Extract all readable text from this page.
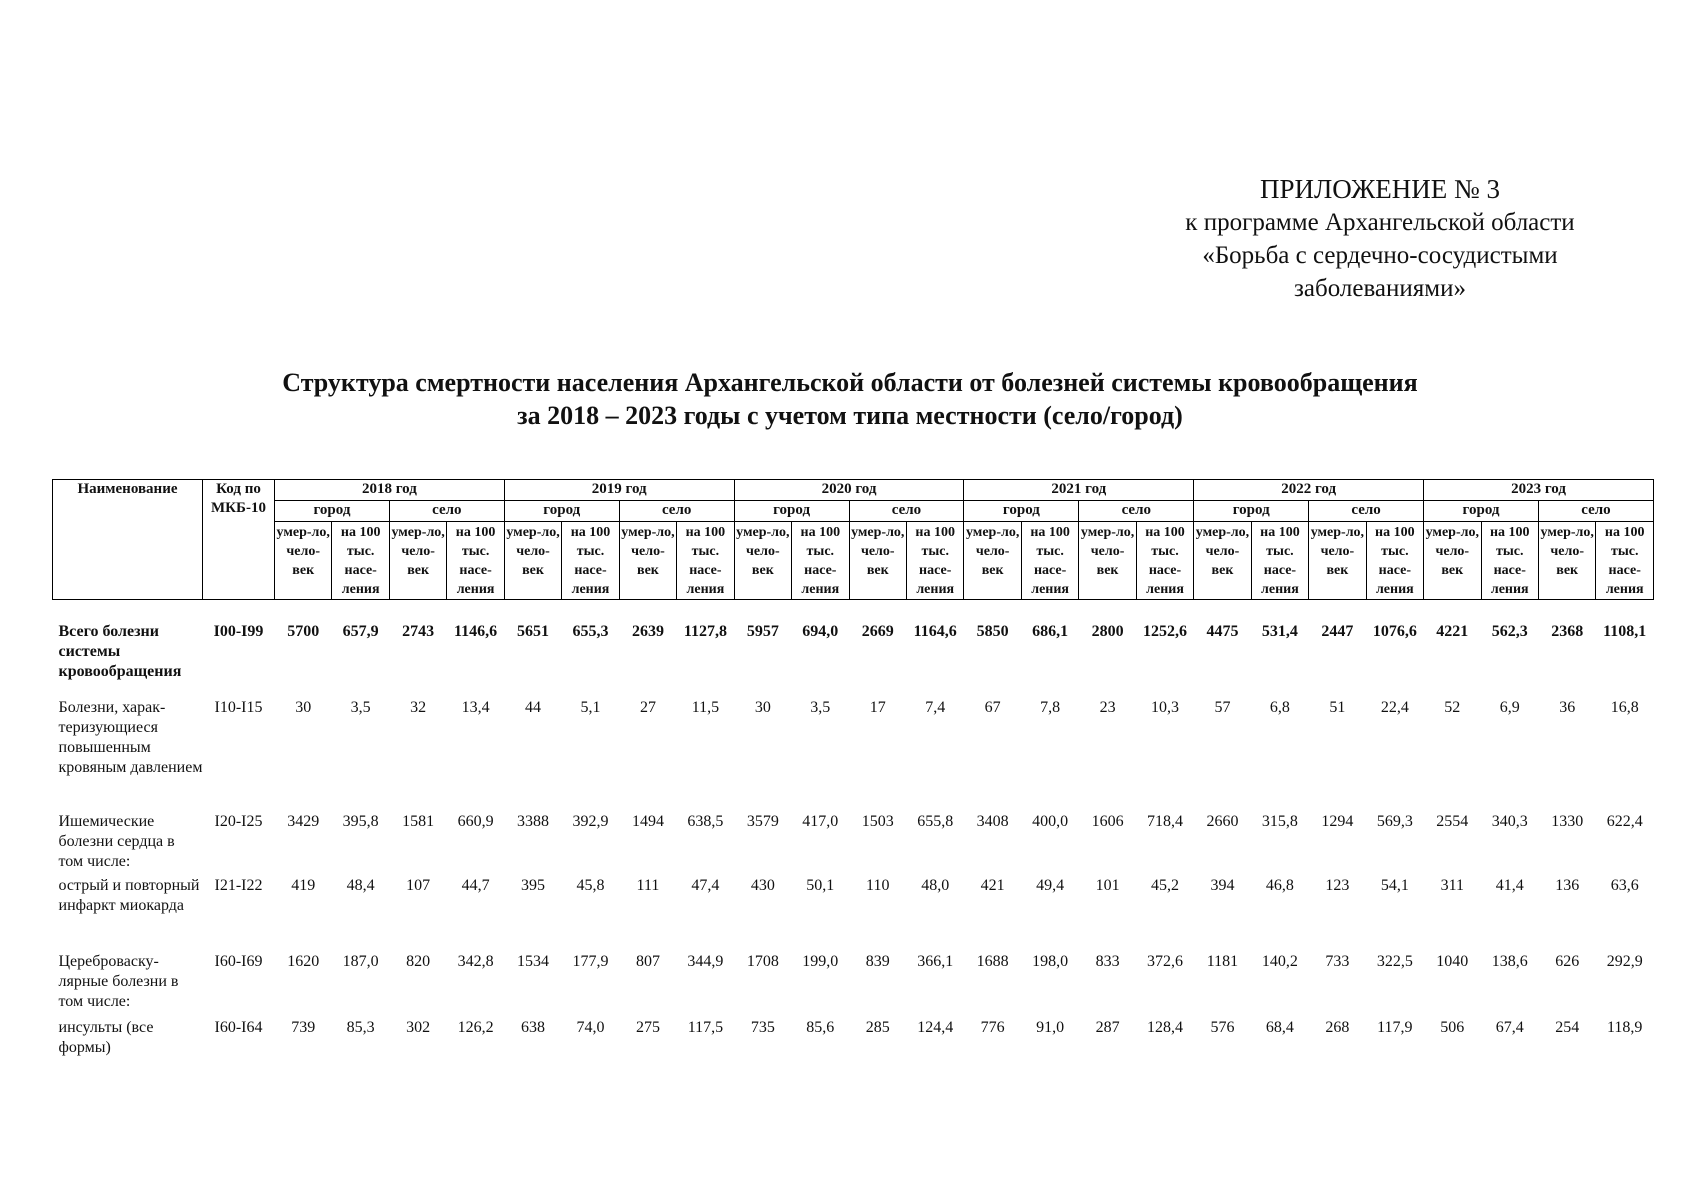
ПРИЛОЖЕНИЕ № 3
к программе Архангельской области
«Борьба с сердечно-сосудистыми
заболеваниями»
Структура смертности населения Архангельской области от болезней системы кровообращения
за 2018 – 2023 годы с учетом типа местности (село/город)
Наименование	Код по МКБ-10	2018 год				2019 год				2020 год				2021 год				2022 год				2023 год			
		город		село		город		село		город		село		город		село		город		село		город		село	
		умер-ло, чело-век	на 100 тыс. насе-ления	умер-ло, чело-век	на 100 тыс. насе-ления	умер-ло, чело-век	на 100 тыс. насе-ления	умер-ло, чело-век	на 100 тыс. насе-ления	умер-ло, чело-век	на 100 тыс. насе-ления	умер-ло, чело-век	на 100 тыс. насе-ления	умер-ло, чело-век	на 100 тыс. насе-ления	умер-ло, чело-век	на 100 тыс. насе-ления	умер-ло, чело-век	на 100 тыс. насе-ления	умер-ло, чело-век	на 100 тыс. насе-ления	умер-ло, чело-век	на 100 тыс. насе-ления	умер-ло, чело-век	на 100 тыс. насе-ления

Всего болезни системы кровообращения	I00-I99	5700	657,9	2743	1146,6	5651	655,3	2639	1127,8	5957	694,0	2669	1164,6	5850	686,1	2800	1252,6	4475	531,4	2447	1076,6	4221	562,3	2368	1108,1
Болезни, харак-теризующиеся повышенным кровяным давлением	I10-I15	30	3,5	32	13,4	44	5,1	27	11,5	30	3,5	17	7,4	67	7,8	23	10,3	57	6,8	51	22,4	52	6,9	36	16,8
Ишемические болезни сердца в том числе:	I20-I25	3429	395,8	1581	660,9	3388	392,9	1494	638,5	3579	417,0	1503	655,8	3408	400,0	1606	718,4	2660	315,8	1294	569,3	2554	340,3	1330	622,4
острый и повторный инфаркт миокарда	I21-I22	419	48,4	107	44,7	395	45,8	111	47,4	430	50,1	110	48,0	421	49,4	101	45,2	394	46,8	123	54,1	311	41,4	136	63,6
Цереброваску-лярные болезни в том числе:	I60-I69	1620	187,0	820	342,8	1534	177,9	807	344,9	1708	199,0	839	366,1	1688	198,0	833	372,6	1181	140,2	733	322,5	1040	138,6	626	292,9
инсульты (все формы)	I60-I64	739	85,3	302	126,2	638	74,0	275	117,5	735	85,6	285	124,4	776	91,0	287	128,4	576	68,4	268	117,9	506	67,4	254	118,9
